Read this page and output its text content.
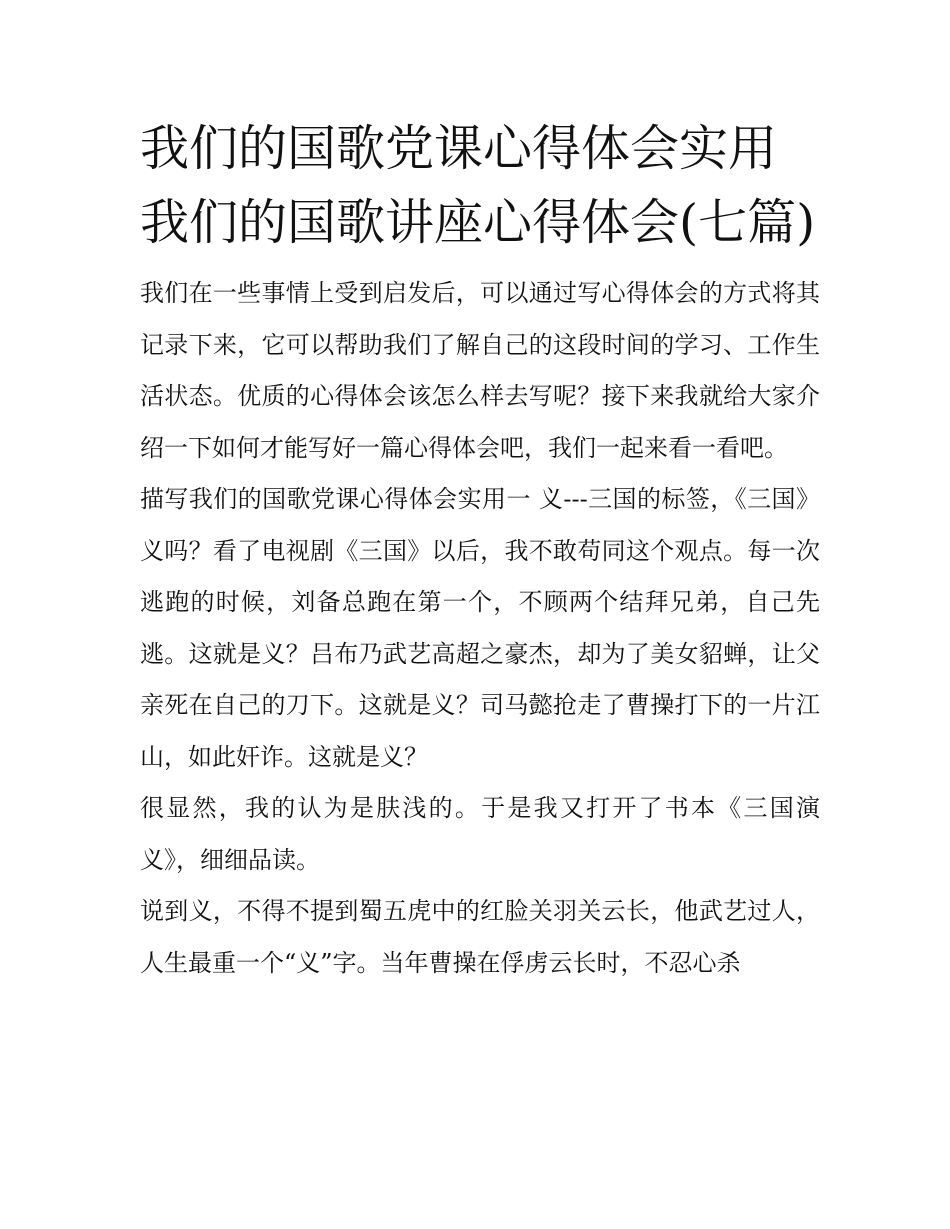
我们的国歌党课心得体会实用我们的国歌讲座心得体会(七篇)

我们在一些事情上受到启发后，可以通过写心得体会的方式将其记录下来，它可以帮助我们了解自己的这段时间的学习、工作生活状态。优质的心得体会该怎么样去写呢？接下来我就给大家介绍一下如何才能写好一篇心得体会吧，我们一起来看一看吧。

描写我们的国歌党课心得体会实用一 义---三国的标签，《三国》义吗？看了电视剧《三国》以后，我不敢苟同这个观点。每一次逃跑的时候，刘备总跑在第一个，不顾两个结拜兄弟，自己先逃。这就是义？吕布乃武艺高超之豪杰，却为了美女貂蝉，让父亲死在自己的刀下。这就是义？司马懿抢走了曹操打下的一片江山，如此奸诈。这就是义？

很显然，我的认为是肤浅的。于是我又打开了书本《三国演义》，细细品读。

说到义，不得不提到蜀五虎中的红脸关羽关云长，他武艺过人，人生最重一个“义”字。当年曹操在俘虏云长时，不忍心杀
